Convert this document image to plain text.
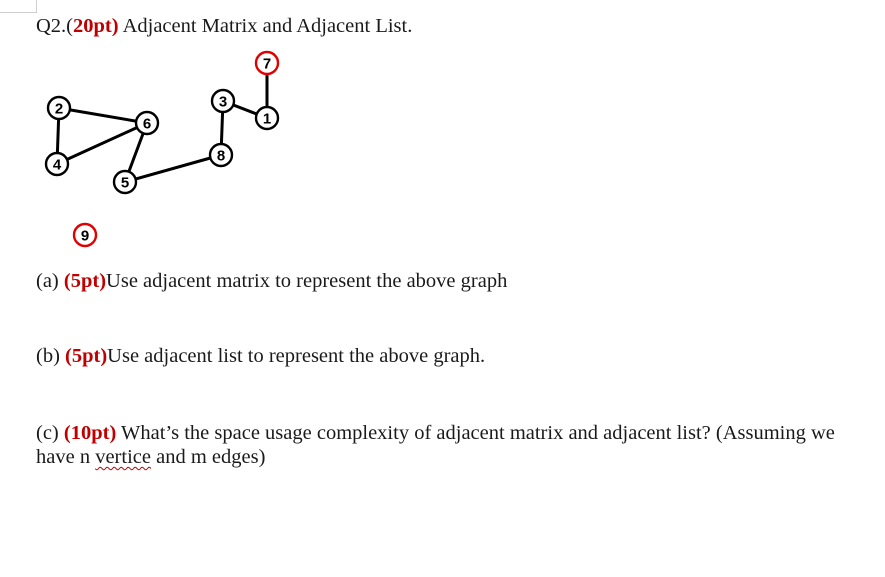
Q2.(20pt) Adjacent Matrix and Adjacent List.
7
3
1
2
6
8
4
5
9
(a) (5pt)Use adjacent matrix to represent the above graph
(b) (5pt)Use adjacent list to represent the above graph.
(c) (10pt) What’s the space usage complexity of adjacent matrix and adjacent list? (Assuming we have n vertice and m edges)
